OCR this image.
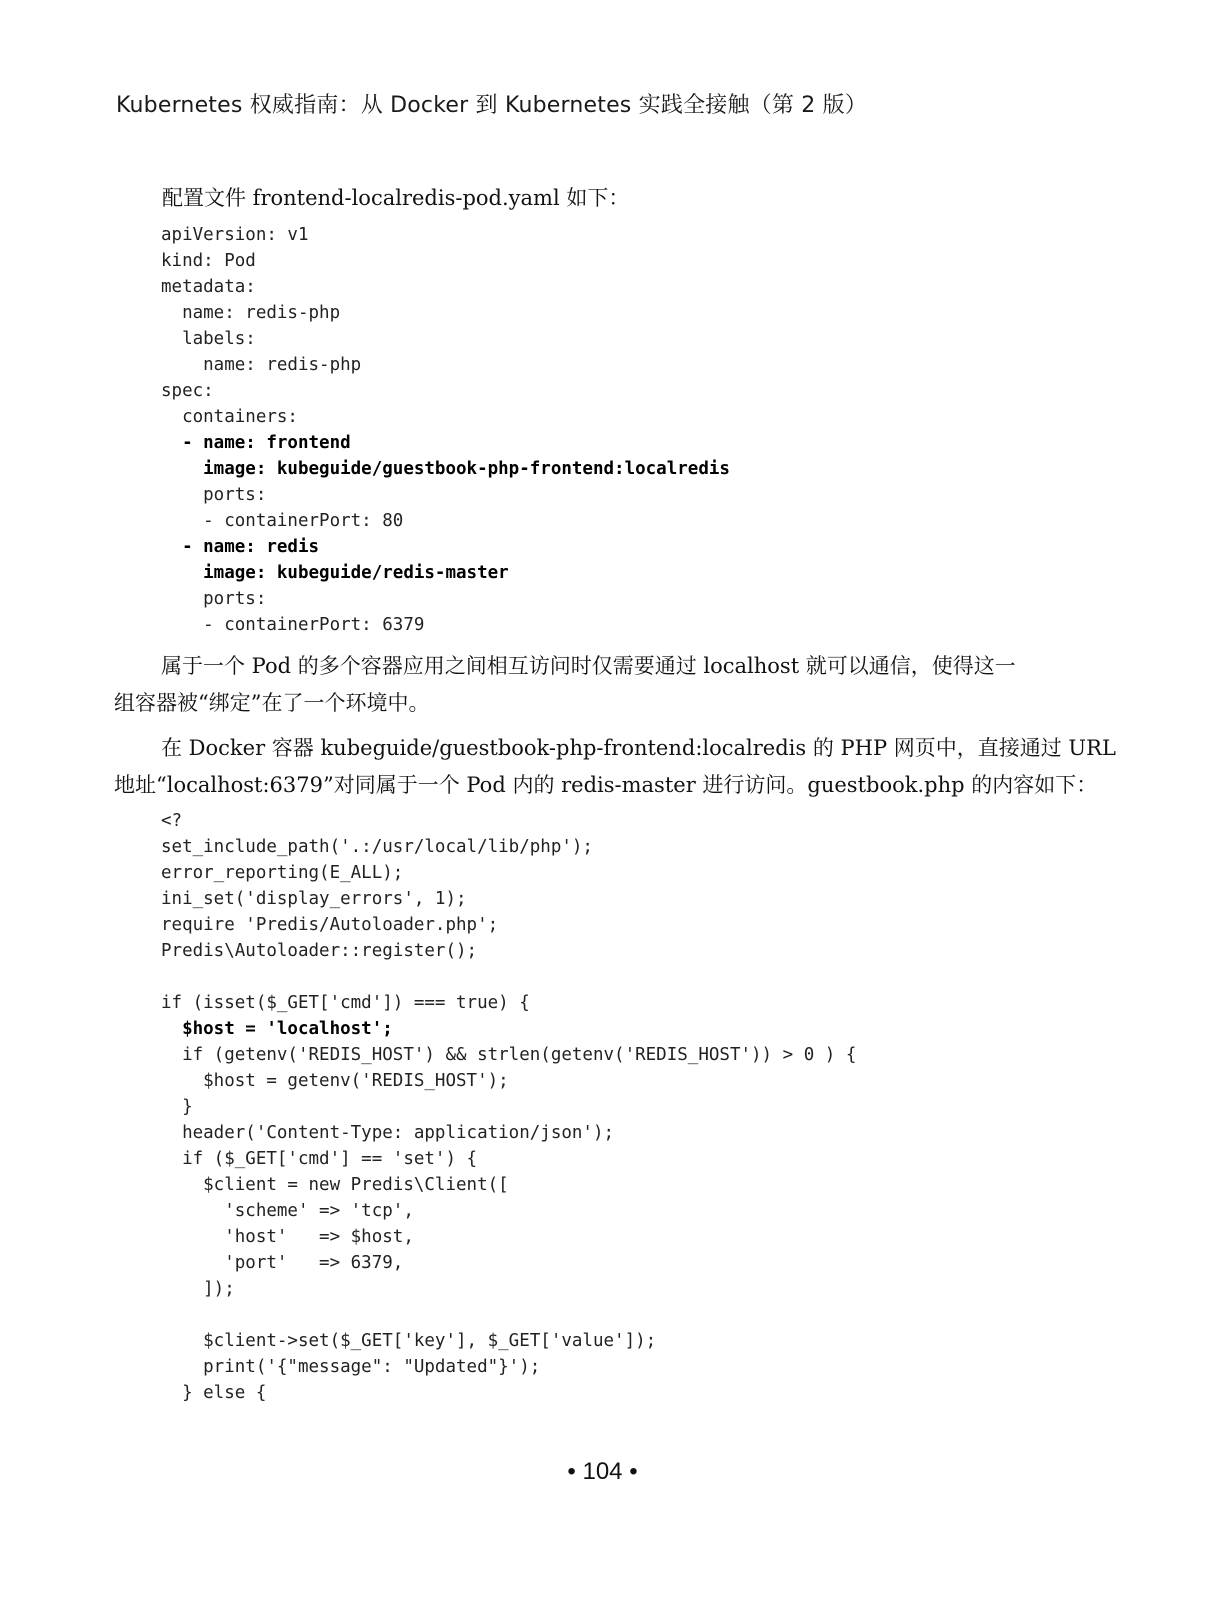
Kubernetes 权威指南：从 Docker 到 Kubernetes 实践全接触（第 2 版）
配置文件 frontend-localredis-pod.yaml 如下：
apiVersion: v1
kind: Pod
metadata:
name: redis-php
labels:
name: redis-php
spec:
containers:
- name: frontend
image: kubeguide/guestbook-php-frontend:localredis
ports:
- containerPort: 80
- name: redis
image: kubeguide/redis-master
ports:
- containerPort: 6379
属于一个 Pod 的多个容器应用之间相互访问时仅需要通过 localhost 就可以通信，使得这一
组容器被“绑定”在了一个环境中。
在 Docker 容器 kubeguide/guestbook-php-frontend:localredis 的 PHP 网页中，直接通过 URL
地址“localhost:6379”对同属于一个 Pod 内的 redis-master 进行访问。guestbook.php 的内容如下：
<?
set_include_path('.:/usr/local/lib/php');
error_reporting(E_ALL);
ini_set('display_errors', 1);
require 'Predis/Autoloader.php';
Predis\Autoloader::register();
if (isset($_GET['cmd']) === true) {
$host = 'localhost';
if (getenv('REDIS_HOST') && strlen(getenv('REDIS_HOST')) > 0 ) {
$host = getenv('REDIS_HOST');
}
header('Content-Type: application/json');
if ($_GET['cmd'] == 'set') {
$client = new Predis\Client([
'scheme' => 'tcp',
'host'   => $host,
'port'   => 6379,
]);
$client->set($_GET['key'], $_GET['value']);
print('{"message": "Updated"}');
} else {
• 104 •
